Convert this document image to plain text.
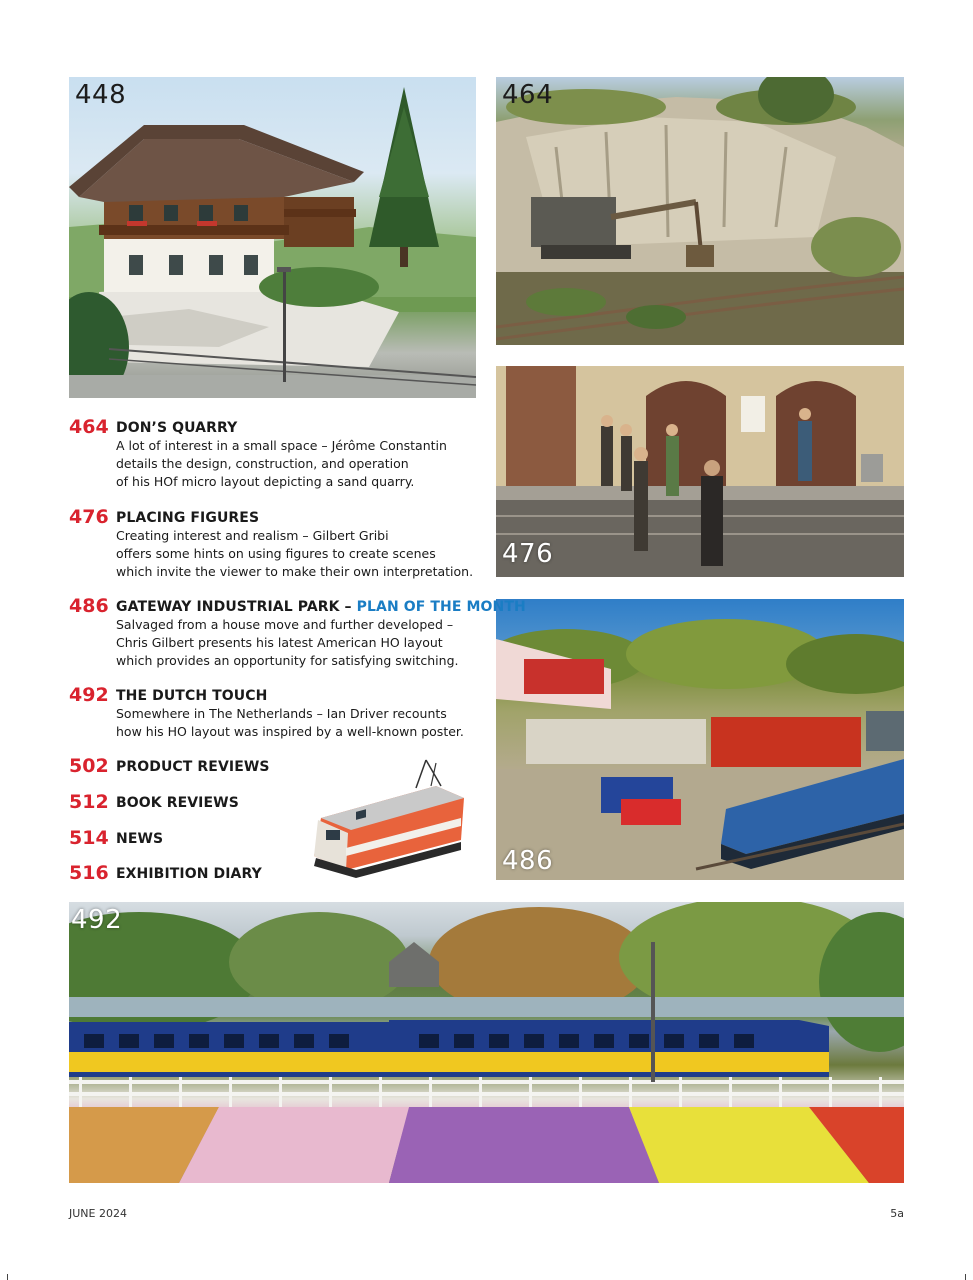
448	464
476
486
464 DON’S QUARRY
A lot of interest in a small space – Jérôme Constantin
details the design, construction, and operation
of his HOf micro layout depicting a sand quarry.
476 PLACING FIGURES
Creating interest and realism – Gilbert Gribi
offers some hints on using figures to create scenes
which invite the viewer to make their own interpretation.
486 GATEWAY INDUSTRIAL PARK – PLAN OF THE MONTH
Salvaged from a house move and further developed –
Chris Gilbert presents his latest American HO layout
which provides an opportunity for satisfying switching.
492 THE DUTCH TOUCH
Somewhere in The Netherlands – Ian Driver recounts
how his HO layout was inspired by a well-known poster.
502 PRODUCT REVIEWS
512 BOOK REVIEWS
514 NEWS
516 EXHIBITION DIARY
492
JUNE 2024	5a
